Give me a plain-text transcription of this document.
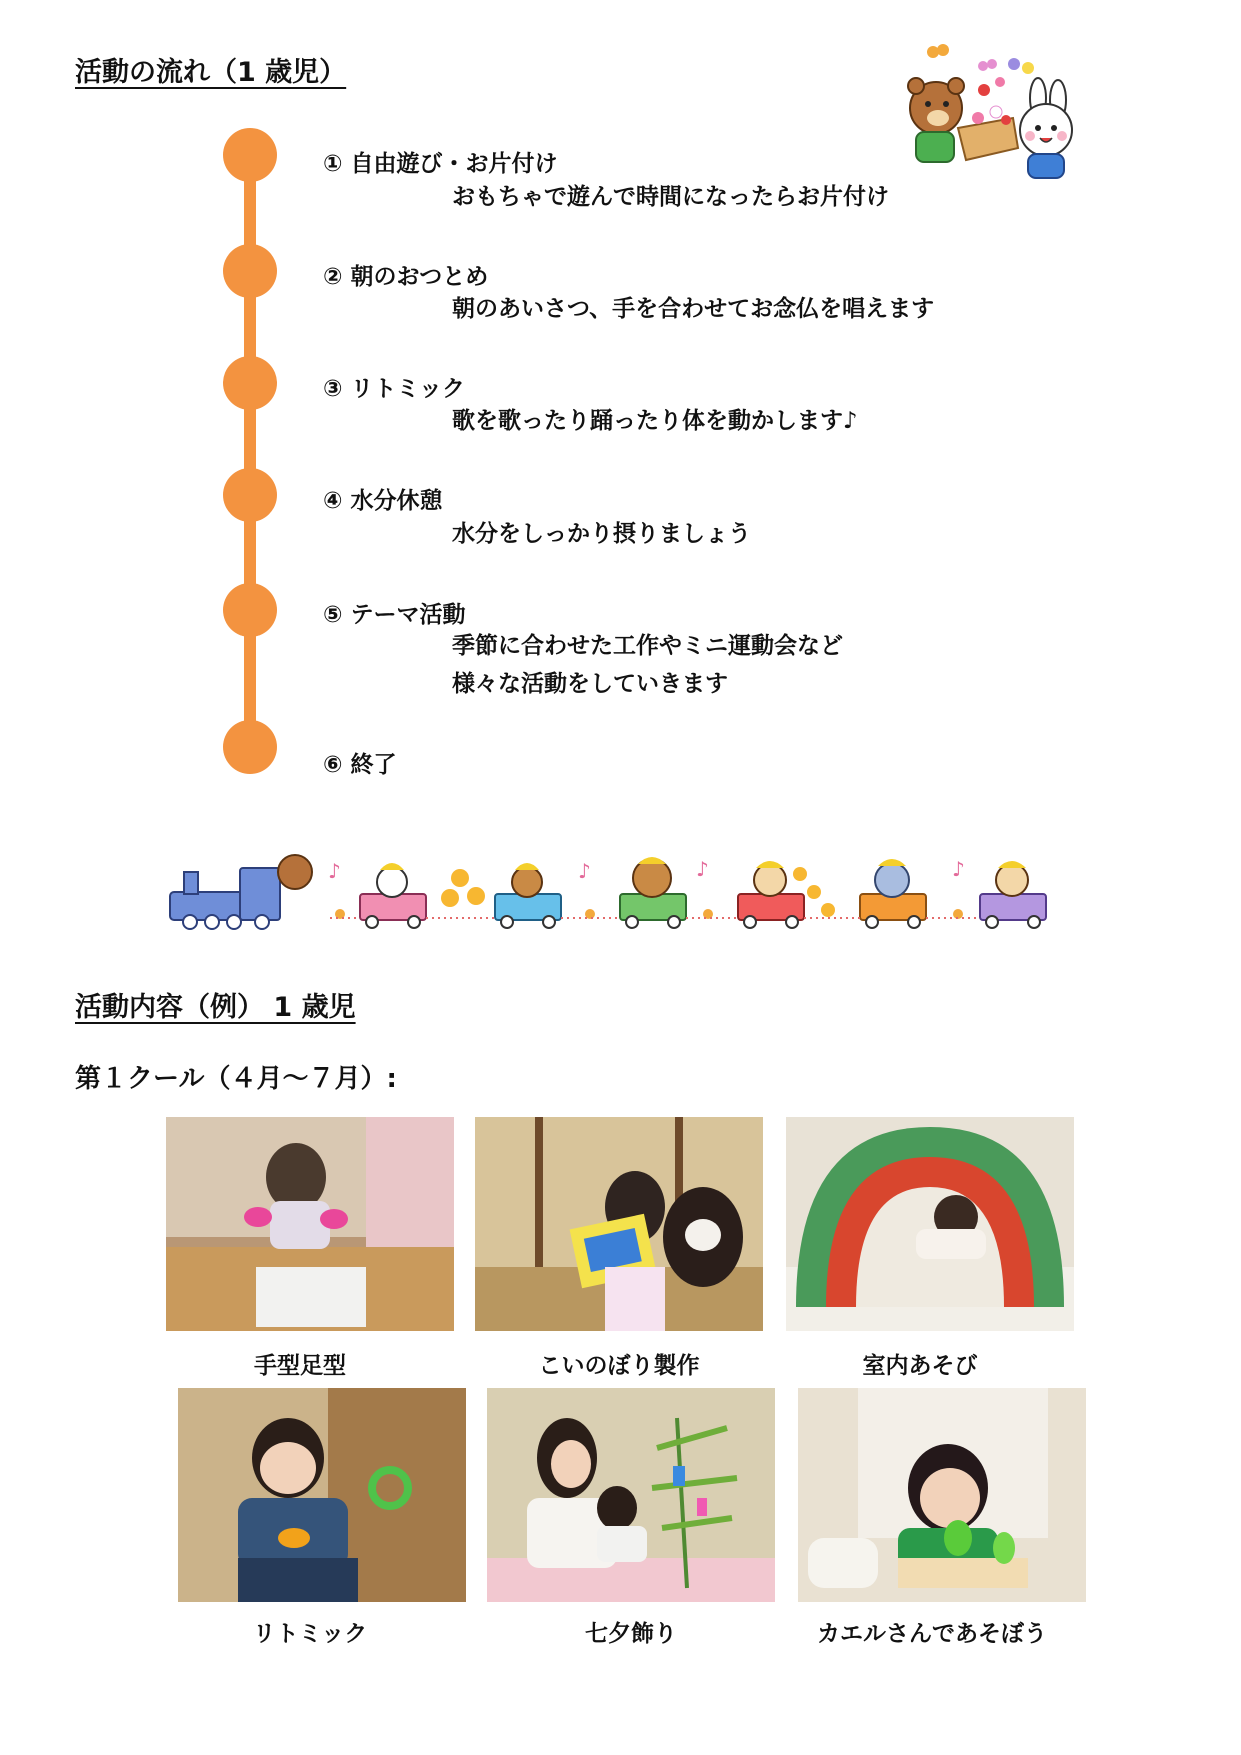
活動の流れ（1 歳児）
① 自由遊び・お片付け
おもちゃで遊んで時間になったらお片付け
② 朝のおつとめ
朝のあいさつ、手を合わせてお念仏を唱えます
③ リトミック
歌を歌ったり踊ったり体を動かします♪
④ 水分休憩
水分をしっかり摂りましょう
⑤ テーマ活動
季節に合わせた工作やミニ運動会など
様々な活動をしていきます
⑥ 終了
♪	♪	♪	♪
活動内容（例） 1 歳児
第１クール（４月～７月）:
手型足型	こいのぼり製作	室内あそび
リトミック	七夕飾り	カエルさんであそぼう
